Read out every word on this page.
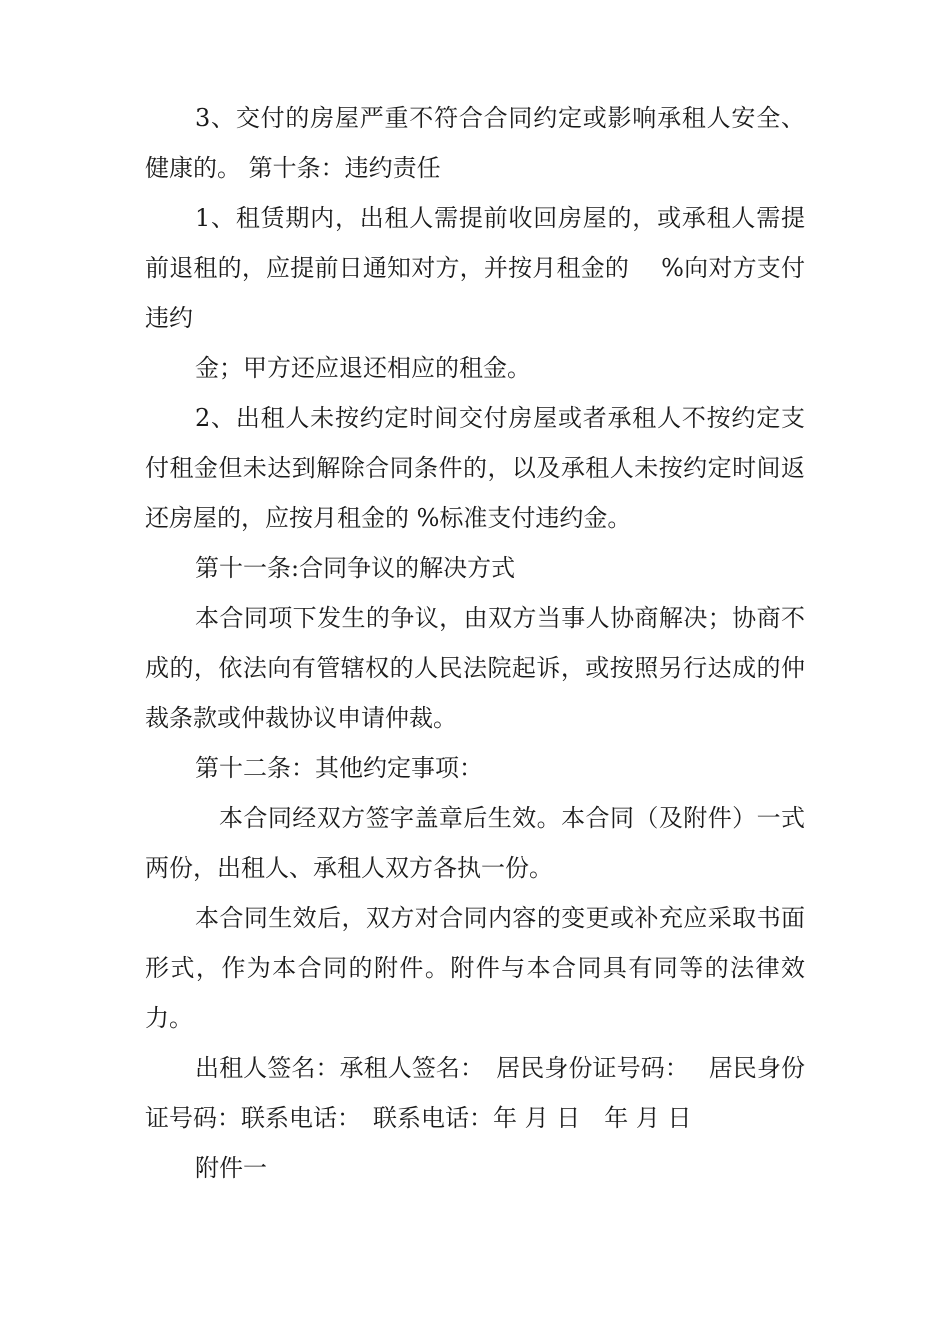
3、交付的房屋严重不符合合同约定或影响承租人安全、健康的。 第十条：违约责任

1、租赁期内，出租人需提前收回房屋的，或承租人需提前退租的，应提前日通知对方，并按月租金的　 %向对方支付违约

金；甲方还应退还相应的租金。

2、出租人未按约定时间交付房屋或者承租人不按约定支付租金但未达到解除合同条件的，以及承租人未按约定时间返还房屋的，应按月租金的 %标准支付违约金。

第十一条:合同争议的解决方式

本合同项下发生的争议，由双方当事人协商解决；协商不成的，依法向有管辖权的人民法院起诉，或按照另行达成的仲裁条款或仲裁协议申请仲裁。

第十二条：其他约定事项：

本合同经双方签字盖章后生效。本合同（及附件）一式两份，出租人、承租人双方各执一份。

本合同生效后，双方对合同内容的变更或补充应采取书面形式，作为本合同的附件。附件与本合同具有同等的法律效力。

出租人签名：承租人签名：　居民身份证号码：　 居民身份证号码：联系电话：　联系电话：年 月 日　年 月 日

附件一
